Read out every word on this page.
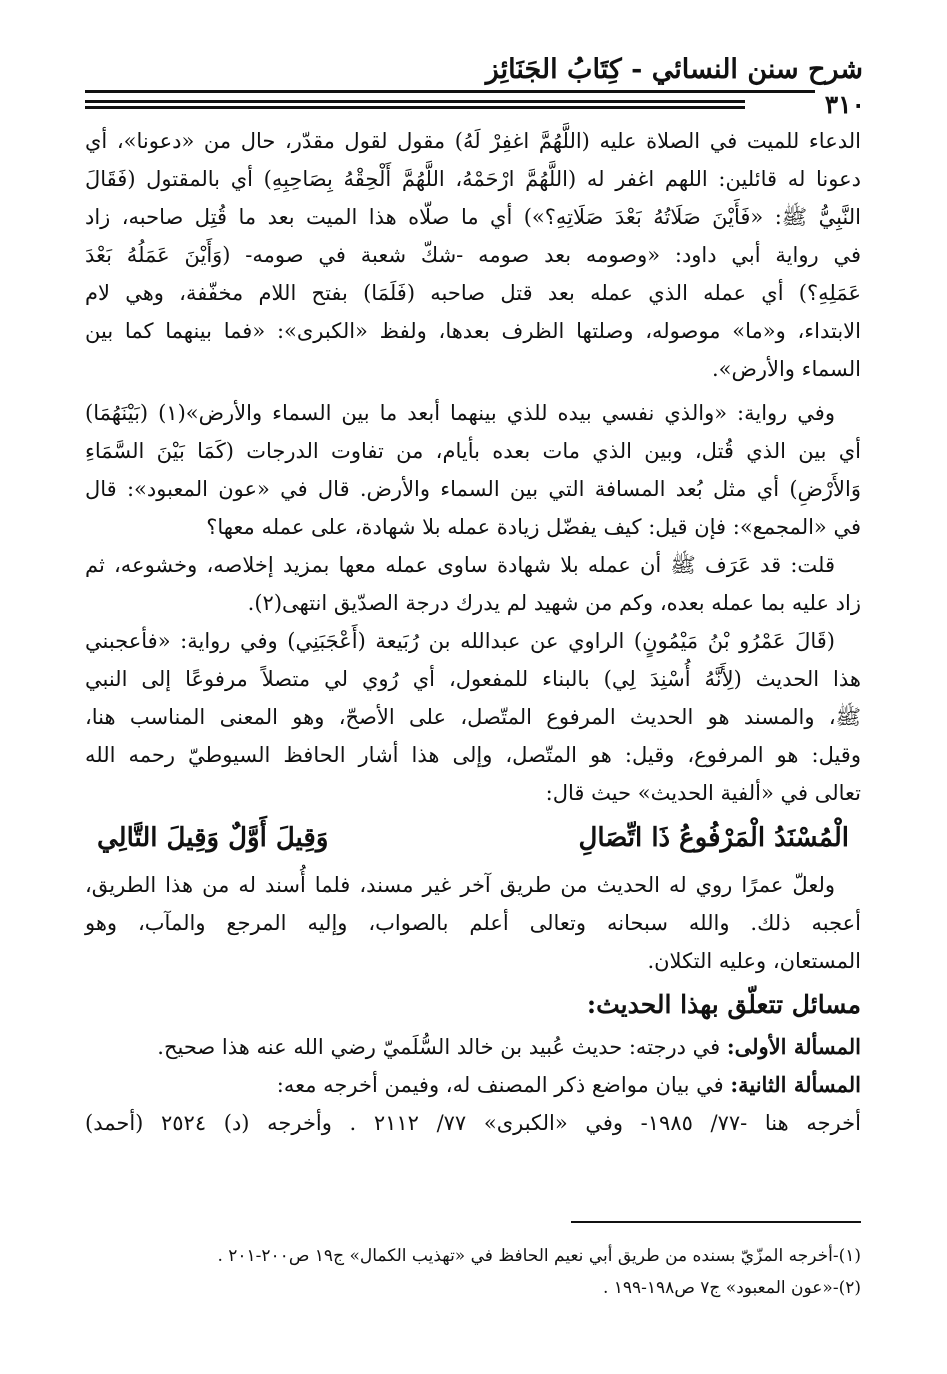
شرح سنن النسائي - كِتَابُ الجَنَائِز
٣١٠

الدعاء للميت في الصلاة عليه (اللَّهُمَّ اغفِرْ لَهُ) مقول لقول مقدّر، حال من «دعونا»، أي

دعونا له قائلين: اللهم اغفر له (اللَّهُمَّ ارْحَمْهُ، اللَّهُمَّ أَلْحِقْهُ بِصَاحِبِهِ) أي بالمقتول (فَقَالَ

النَّبِيُّ ﷺ: «فَأَيْنَ صَلَاتُهُ بَعْدَ صَلَاتِهِ؟») أي ما صلّاه هذا الميت بعد ما قُتِل صاحبه، زاد

في رواية أبي داود: «وصومه بعد صومه -شكّ شعبة في صومه- (وَأَيْنَ عَمَلُهُ بَعْدَ

عَمَلِهِ؟) أي عمله الذي عمله بعد قتل صاحبه (فَلَمَا) بفتح اللام مخفّفة، وهي لام

الابتداء، و«ما» موصوله، وصلتها الظرف بعدها، ولفظ «الكبرى»: «فما بينهما كما بين

السماء والأرض».

وفي رواية: «والذي نفسي بيده للذي بينهما أبعد ما بين السماء والأرض»(١) (بَيْنَهُمَا)

أي بين الذي قُتل، وبين الذي مات بعده بأيام، من تفاوت الدرجات (كَمَا بَيْنَ السَّمَاءِ

وَالأَرْضِ) أي مثل بُعد المسافة التي بين السماء والأرض. قال في «عون المعبود»: قال

في «المجمع»: فإن قيل: كيف يفضّل زيادة عمله بلا شهادة، على عمله معها؟

قلت: قد عَرَف ﷺ أن عمله بلا شهادة ساوى عمله معها بمزيد إخلاصه، وخشوعه، ثم

زاد عليه بما عمله بعده، وكم من شهيد لم يدرك درجة الصدّيق انتهى(٢).

(قَالَ عَمْرُو بْنُ مَيْمُونٍ) الراوي عن عبدالله بن رُبَيعة (أَعْجَبَنِي) وفي رواية: «فأعجبني

هذا الحديث (لِأَنَّهُ أُسْنِدَ لِي) بالبناء للمفعول، أي رُوي لي متصلاً مرفوعًا إلى النبي

ﷺ، والمسند هو الحديث المرفوع المتّصل، على الأصحّ، وهو المعنى المناسب هنا،

وقيل: هو المرفوع، وقيل: هو المتّصل، وإلى هذا أشار الحافظ السيوطيّ رحمه الله

تعالى في «ألفية الحديث» حيث قال:

الْمُسْنَدُ الْمَرْفُوعُ ذَا اتِّصَالِ
وَقِيلَ أَوَّلٌ وَقِيلَ التَّالِي

ولعلّ عمرًا روي له الحديث من طريق آخر غير مسند، فلما أُسند له من هذا الطريق،

أعجبه ذلك. والله سبحانه وتعالى أعلم بالصواب، وإليه المرجع والمآب، وهو

المستعان، وعليه التكلان.

مسائل تتعلّق بهذا الحديث:

المسألة الأولى: في درجته: حديث عُبيد بن خالد السُّلَميّ رضي الله عنه هذا صحيح.

المسألة الثانية: في بيان مواضع ذكر المصنف له، وفيمن أخرجه معه:

أخرجه هنا -٧٧/ ١٩٨٥- وفي «الكبرى» ٧٧/ ٢١١٢ . وأخرجه (د) ٢٥٢٤ (أحمد)

(١)-أخرجه المزّيّ بسنده من طريق أبي نعيم الحافظ في «تهذيب الكمال» ج١٩ ص٢٠٠-٢٠١ .

(٢)-«عون المعبود» ج٧ ص١٩٨-١٩٩ .
